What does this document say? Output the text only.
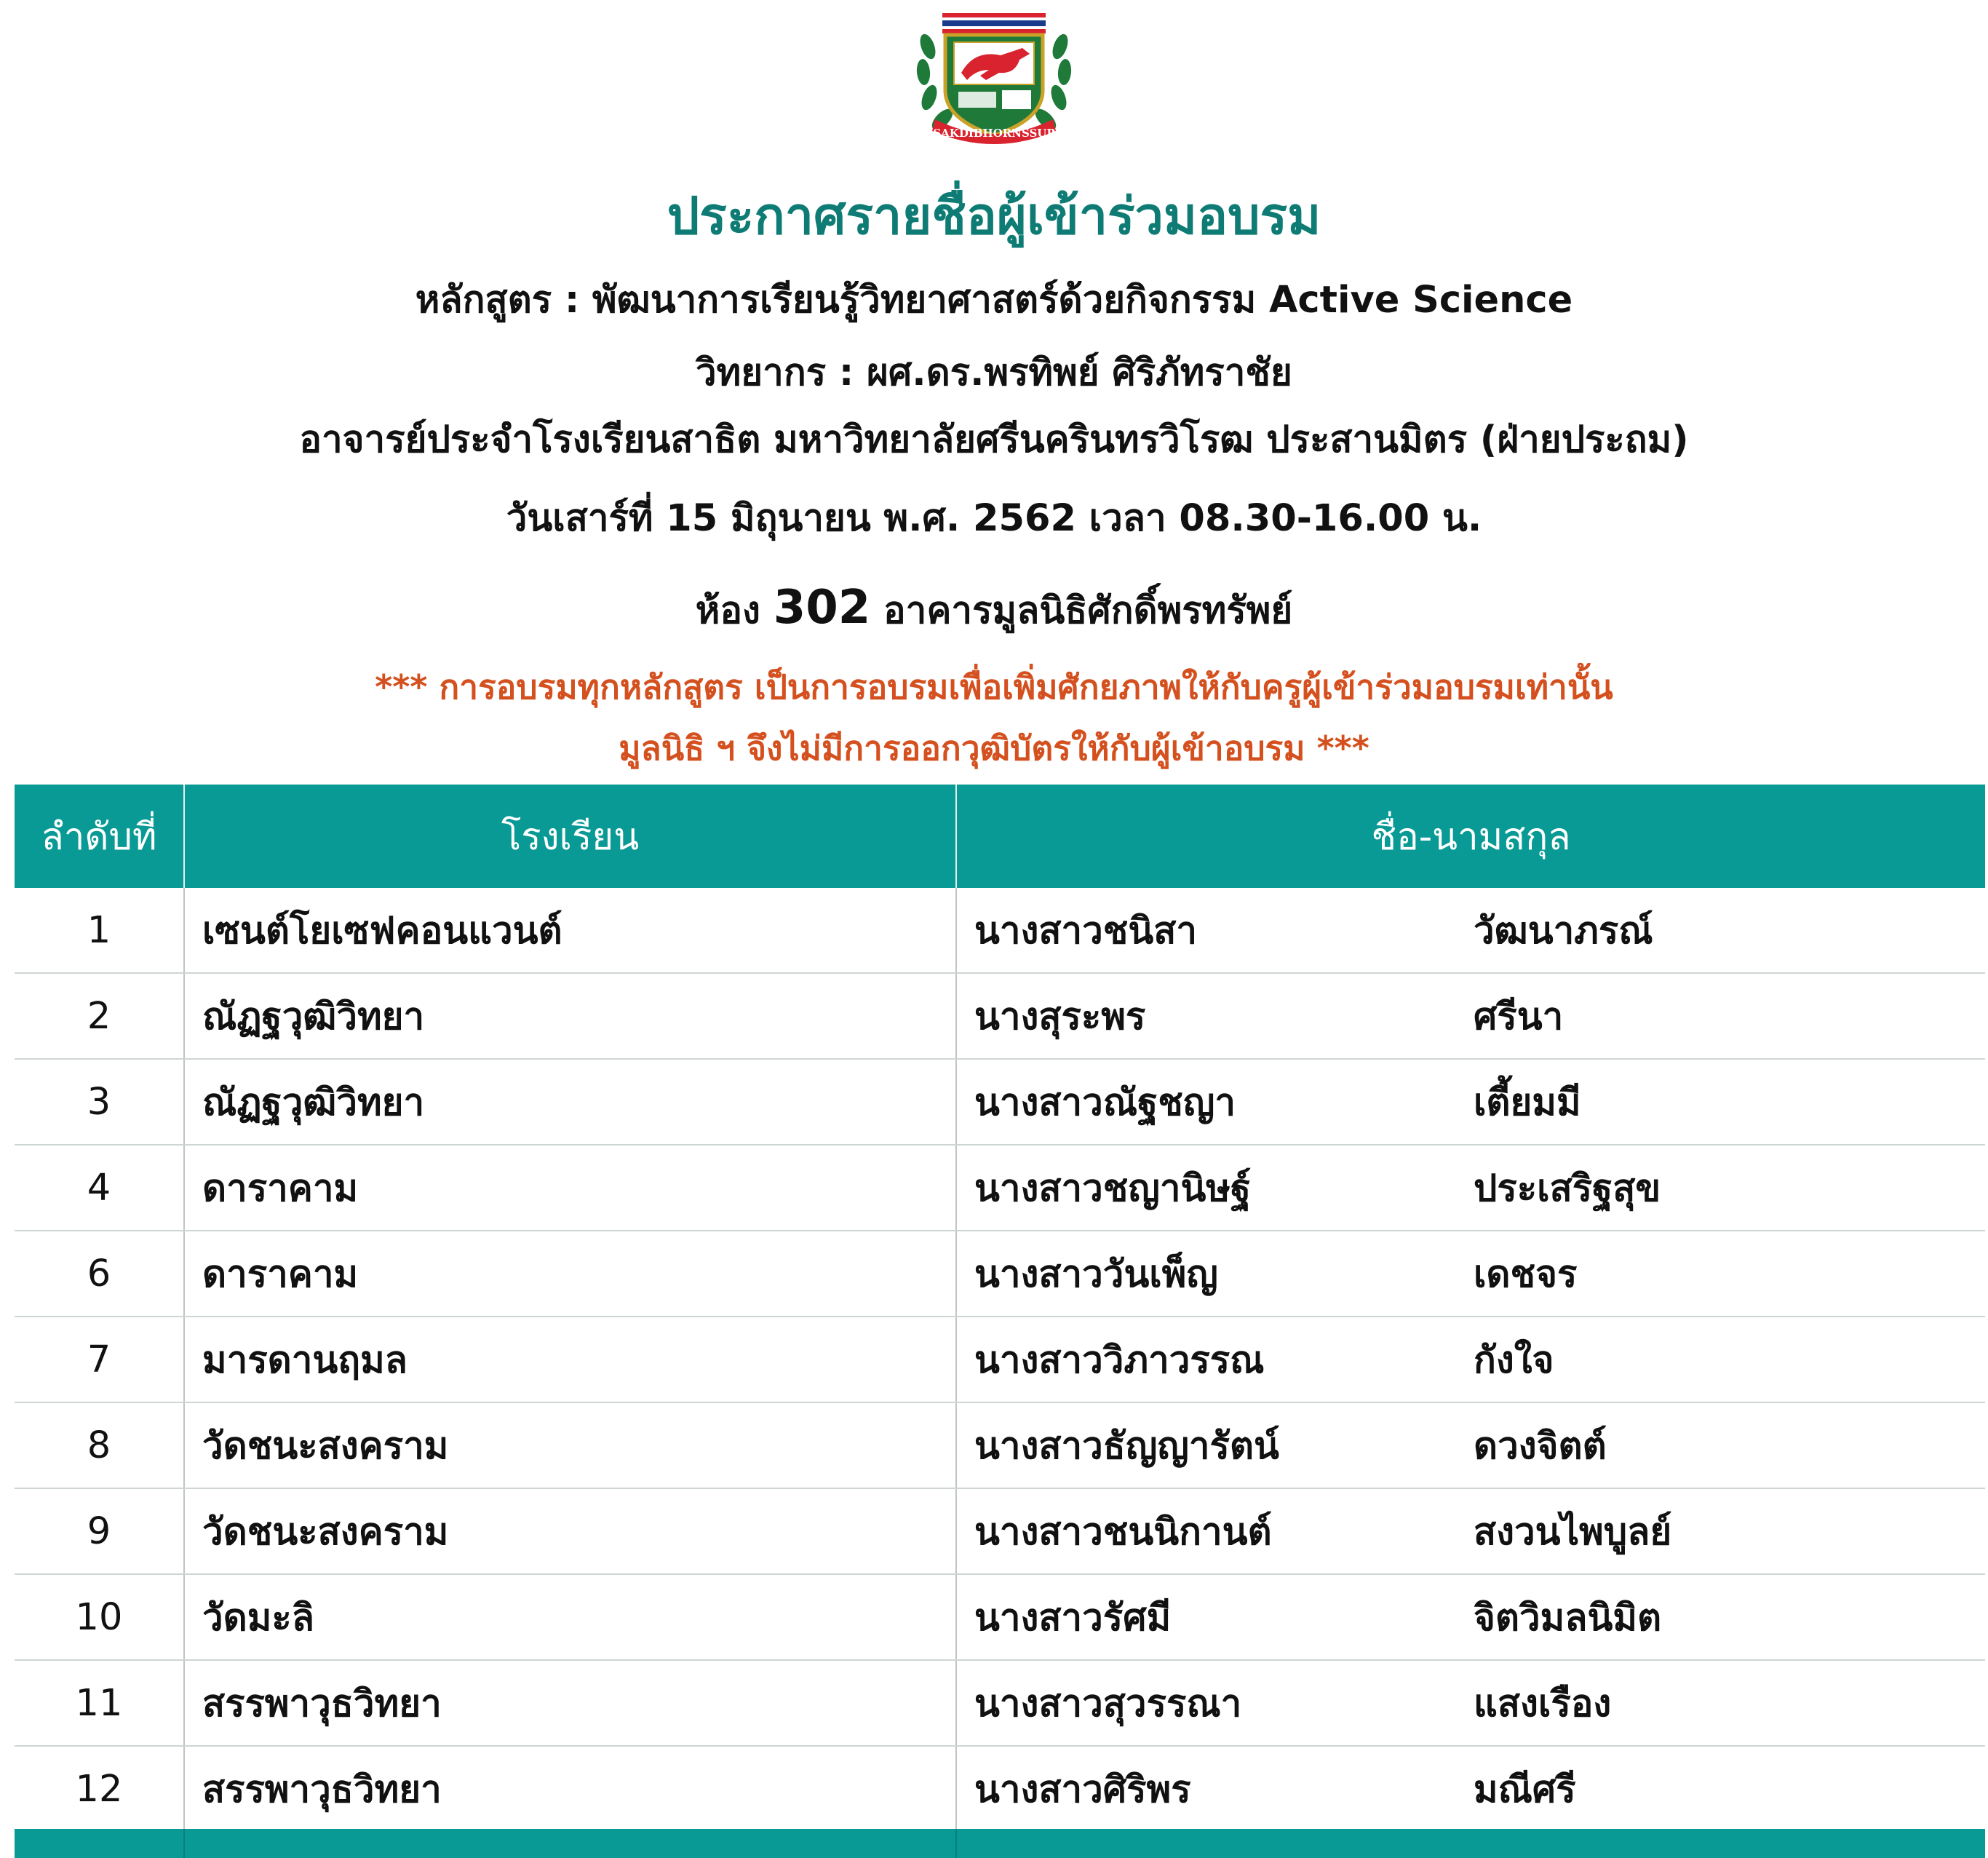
SAKDIBHORNSSUP
ประกาศรายชื่อผู้เข้าร่วมอบรม
หลักสูตร : พัฒนาการเรียนรู้วิทยาศาสตร์ด้วยกิจกรรม Active Science
วิทยากร : ผศ.ดร.พรทิพย์ ศิริภัทราชัย
อาจารย์ประจำโรงเรียนสาธิต มหาวิทยาลัยศรีนครินทรวิโรฒ ประสานมิตร (ฝ่ายประถม)
วันเสาร์ที่ 15 มิถุนายน พ.ศ. 2562 เวลา 08.30-16.00 น.
ห้อง 302 อาคารมูลนิธิศักดิ์พรทรัพย์
*** การอบรมทุกหลักสูตร เป็นการอบรมเพื่อเพิ่มศักยภาพให้กับครูผู้เข้าร่วมอบรมเท่านั้น
มูลนิธิ ฯ จึงไม่มีการออกวุฒิบัตรให้กับผู้เข้าอบรม ***
ลำดับที่	โรงเรียน	ชื่อ-นามสกุล
1	เซนต์โยเซฟคอนแวนต์	นางสาวชนิสา วัฒนาภรณ์
2	ณัฏฐวุฒิวิทยา	นางสุระพร ศรีนา
3	ณัฏฐวุฒิวิทยา	นางสาวณัฐชญา เตี้ยมมี
4	ดาราคาม	นางสาวชญานิษฐ์ ประเสริฐสุข
6	ดาราคาม	นางสาววันเพ็ญ เดชจร
7	มารดานฤมล	นางสาววิภาวรรณ กังใจ
8	วัดชนะสงคราม	นางสาวธัญญารัตน์ ดวงจิตต์
9	วัดชนะสงคราม	นางสาวชนนิกานต์ สงวนไพบูลย์
10	วัดมะลิ	นางสาวรัศมี จิตวิมลนิมิต
11	สรรพาวุธวิทยา	นางสาวสุวรรณา แสงเรือง
12	สรรพาวุธวิทยา	นางสาวศิริพร มณีศรี
